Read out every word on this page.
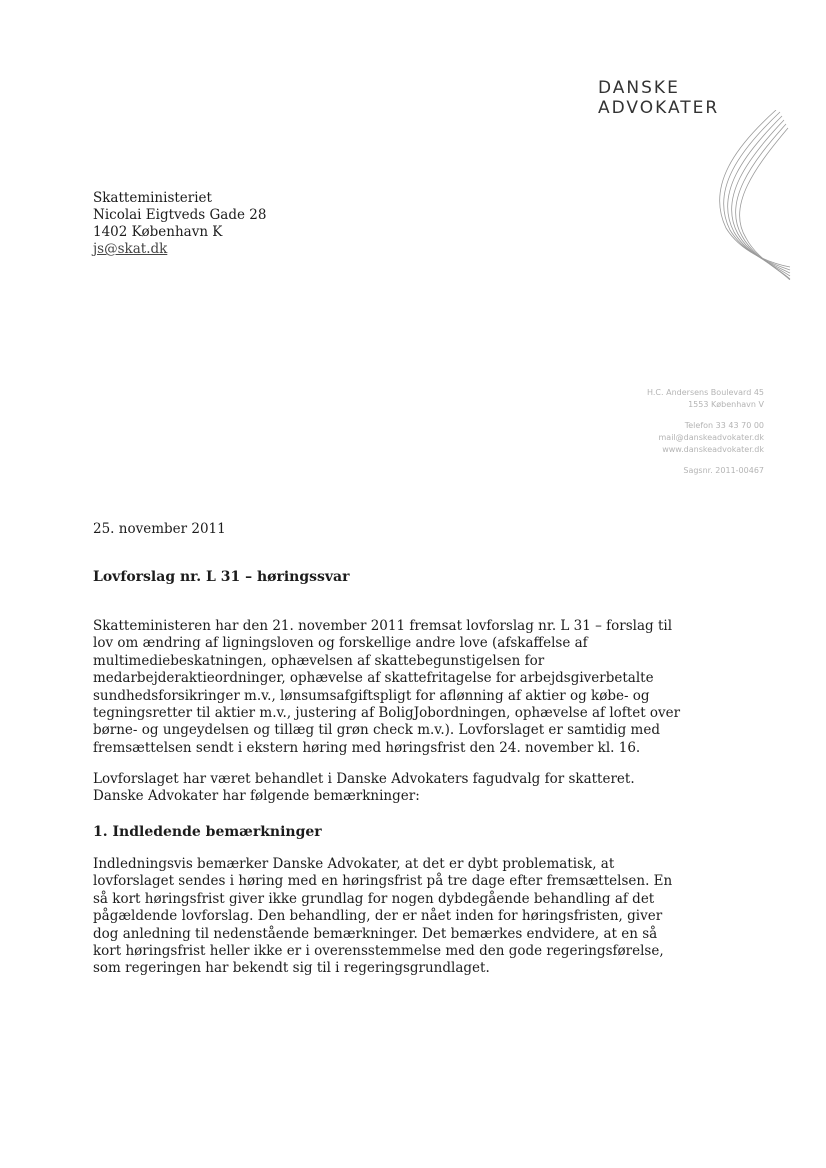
DANSKE
ADVOKATER
Skatteministeriet
Nicolai Eigtveds Gade 28
1402 København K
js@skat.dk
H.C. Andersens Boulevard 45
1553 København V
Telefon 33 43 70 00
mail@danskeadvokater.dk
www.danskeadvokater.dk
Sagsnr. 2011-00467
25. november 2011
Lovforslag nr. L 31 – høringssvar

Skatteministeren har den 21. november 2011 fremsat lovforslag nr. L 31 – forslag til
lov om ændring af ligningsloven og forskellige andre love (afskaffelse af
multimediebeskatningen, ophævelsen af skattebegunstigelsen for
medarbejderaktieordninger, ophævelse af skattefritagelse for arbejdsgiverbetalte
sundhedsforsikringer m.v., lønsumsafgiftspligt for aflønning af aktier og købe- og
tegningsretter til aktier m.v., justering af BoligJobordningen, ophævelse af loftet over
børne- og ungeydelsen og tillæg til grøn check m.v.). Lovforslaget er samtidig med
fremsættelsen sendt i ekstern høring med høringsfrist den 24. november kl. 16.

Lovforslaget har været behandlet i Danske Advokaters fagudvalg for skatteret.
Danske Advokater har følgende bemærkninger:

1. Indledende bemærkninger

Indledningsvis bemærker Danske Advokater, at det er dybt problematisk, at
lovforslaget sendes i høring med en høringsfrist på tre dage efter fremsættelsen. En
så kort høringsfrist giver ikke grundlag for nogen dybdegående behandling af det
pågældende lovforslag. Den behandling, der er nået inden for høringsfristen, giver
dog anledning til nedenstående bemærkninger. Det bemærkes endvidere, at en så
kort høringsfrist heller ikke er i overensstemmelse med den gode regeringsførelse,
som regeringen har bekendt sig til i regeringsgrundlaget.
